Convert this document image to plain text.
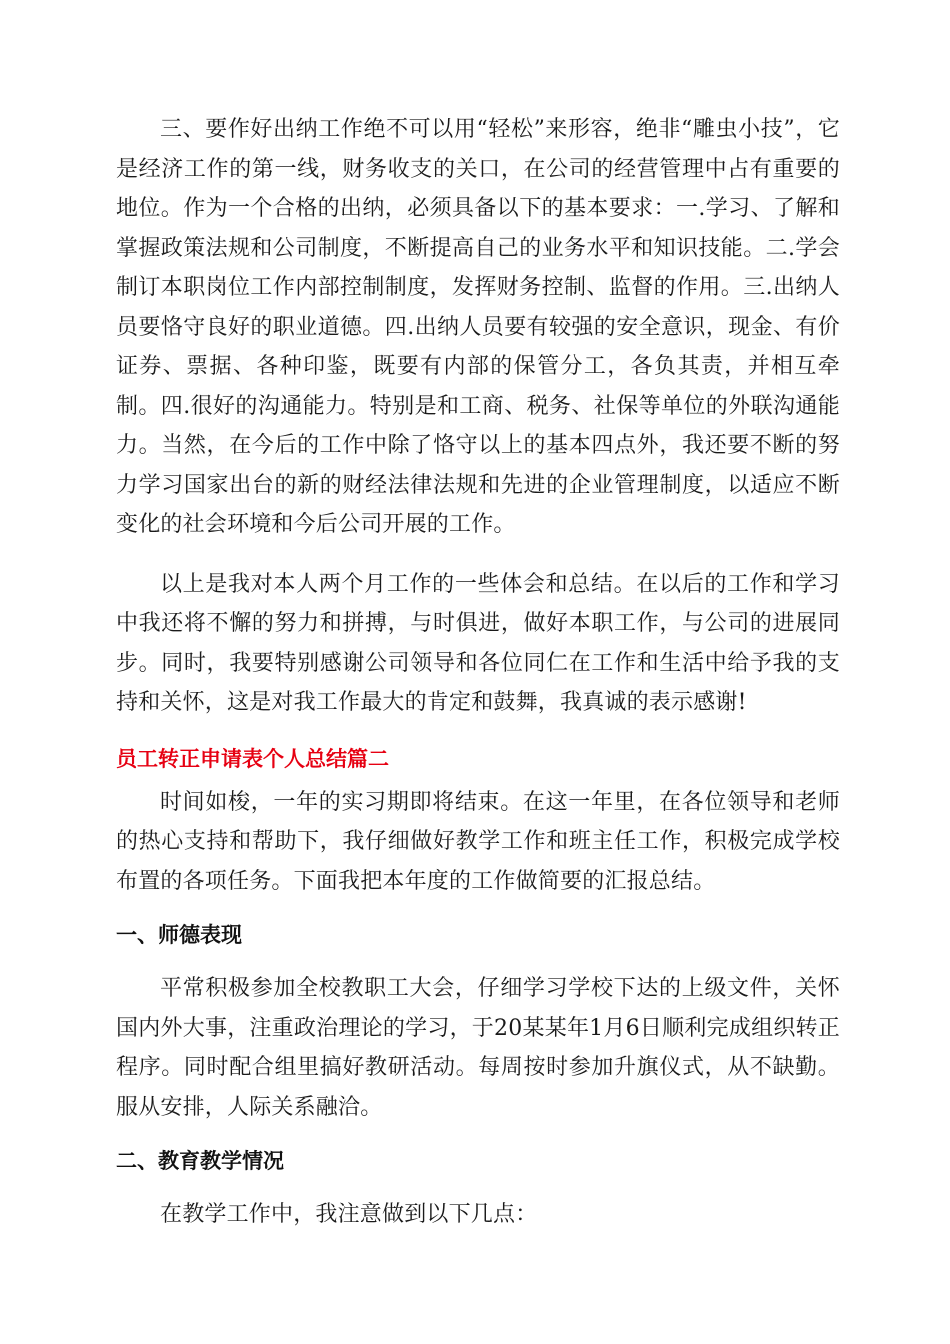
三、要作好出纳工作绝不可以用“轻松”来形容，绝非“雕虫小技”，它是经济工作的第一线，财务收支的关口，在公司的经营管理中占有重要的地位。作为一个合格的出纳，必须具备以下的基本要求：一.学习、了解和掌握政策法规和公司制度，不断提高自己的业务水平和知识技能。二.学会制订本职岗位工作内部控制制度，发挥财务控制、监督的作用。三.出纳人员要恪守良好的职业道德。四.出纳人员要有较强的安全意识，现金、有价证券、票据、各种印鉴，既要有内部的保管分工，各负其责，并相互牵制。四.很好的沟通能力。特别是和工商、税务、社保等单位的外联沟通能力。当然，在今后的工作中除了恪守以上的基本四点外，我还要不断的努力学习国家出台的新的财经法律法规和先进的企业管理制度，以适应不断变化的社会环境和今后公司开展的工作。

以上是我对本人两个月工作的一些体会和总结。在以后的工作和学习中我还将不懈的努力和拼搏，与时俱进，做好本职工作，与公司的进展同步。同时，我要特别感谢公司领导和各位同仁在工作和生活中给予我的支持和关怀，这是对我工作最大的肯定和鼓舞，我真诚的表示感谢!

员工转正申请表个人总结篇二

时间如梭，一年的实习期即将结束。在这一年里，在各位领导和老师的热心支持和帮助下，我仔细做好教学工作和班主任工作，积极完成学校布置的各项任务。下面我把本年度的工作做简要的汇报总结。

一、师德表现

平常积极参加全校教职工大会，仔细学习学校下达的上级文件，关怀国内外大事，注重政治理论的学习，于20某某年1月6日顺利完成组织转正程序。同时配合组里搞好教研活动。每周按时参加升旗仪式，从不缺勤。服从安排，人际关系融洽。

二、教育教学情况

在教学工作中，我注意做到以下几点：
